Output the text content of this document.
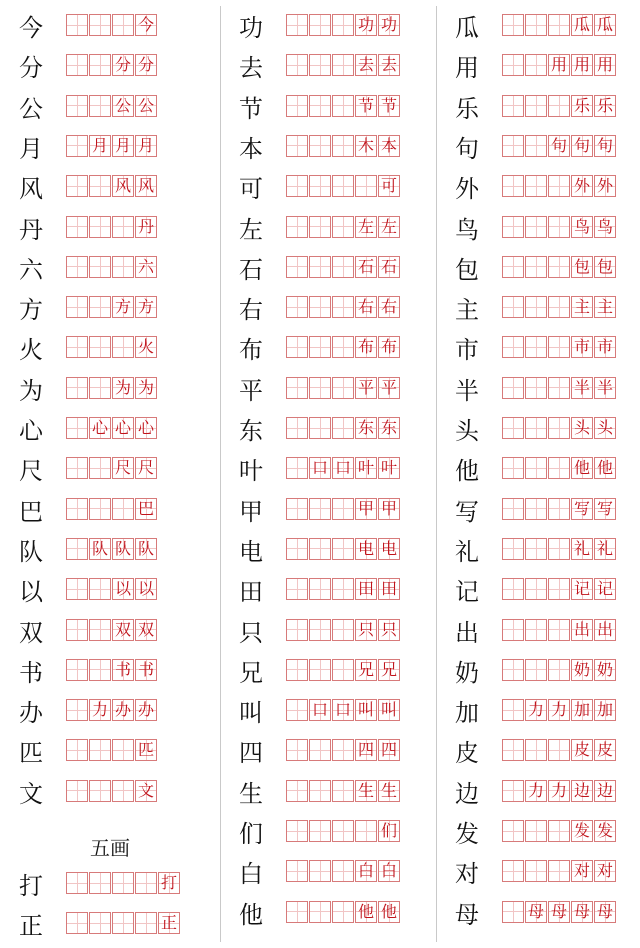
今	今
分	分 分
公	公 公
月	月 月 月
风	风 风
丹	丹
六	六
方	方 方
火	火
为	为 为
心	心 心 心
尺	尺 尺
巴	巴
队	队 队 队
以	以 以
双	双 双
书	书 书
办	力 办 办
匹	匹
文	文
五画
打	打
正	正
功	功 功
去	去 去
节	节 节
本	木 本
可	可
左	左 左
石	石 石
右	右 右
布	布 布
平	平 平
东	东 东
叶	口 口 叶 叶
甲	甲 甲
电	电 电
田	田 田
只	只 只
兄	兄 兄
叫	口 口 叫 叫
四	四 四
生	生 生
们	们
白	白 白
他	他 他
瓜	瓜 瓜
用	用 用 用
乐	乐 乐
句	句 句 句
外	外 外
鸟	鸟 鸟
包	包 包
主	主 主
市	市 市
半	半 半
头	头 头
他	他 他
写	写 写
礼	礼 礼
记	记 记
出	出 出
奶	奶 奶
加	力 力 加 加
皮	皮 皮
边	力 力 边 边
发	发 发
对	对 对
母	母 母 母 母
